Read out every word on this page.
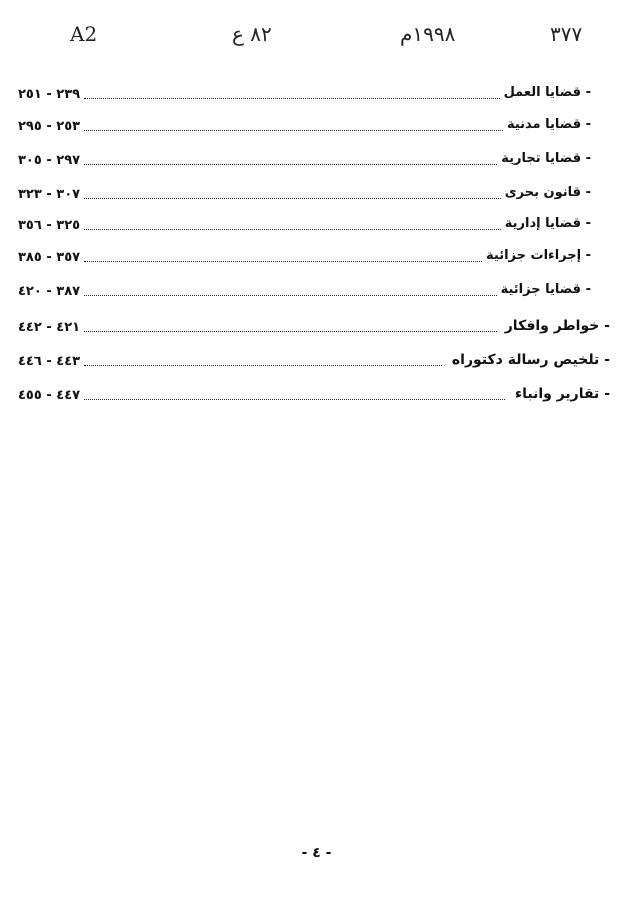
A2	٨٢ ع	١٩٩٨م	٣٧٧
٢٣٩ - ٢٥١	- قضايا العمل
٢٥٣ - ٢٩٥	- قضايا مدنية
٢٩٧ - ٣٠٥	- قضايا تجارية
٣٠٧ - ٣٢٣	- قانون بحرى
٣٢٥ - ٣٥٦	- قضايا إدارية
٣٥٧ - ٣٨٥	- إجراءات جزائية
٣٨٧ - ٤٢٠	- قضايا جزائية
٤٢١ - ٤٤٢	- خواطر وافكار
٤٤٣ - ٤٤٦	- تلخيص رسالة دكتوراه
٤٤٧ - ٤٥٥	- تقارير وانباء
- ٤ -
